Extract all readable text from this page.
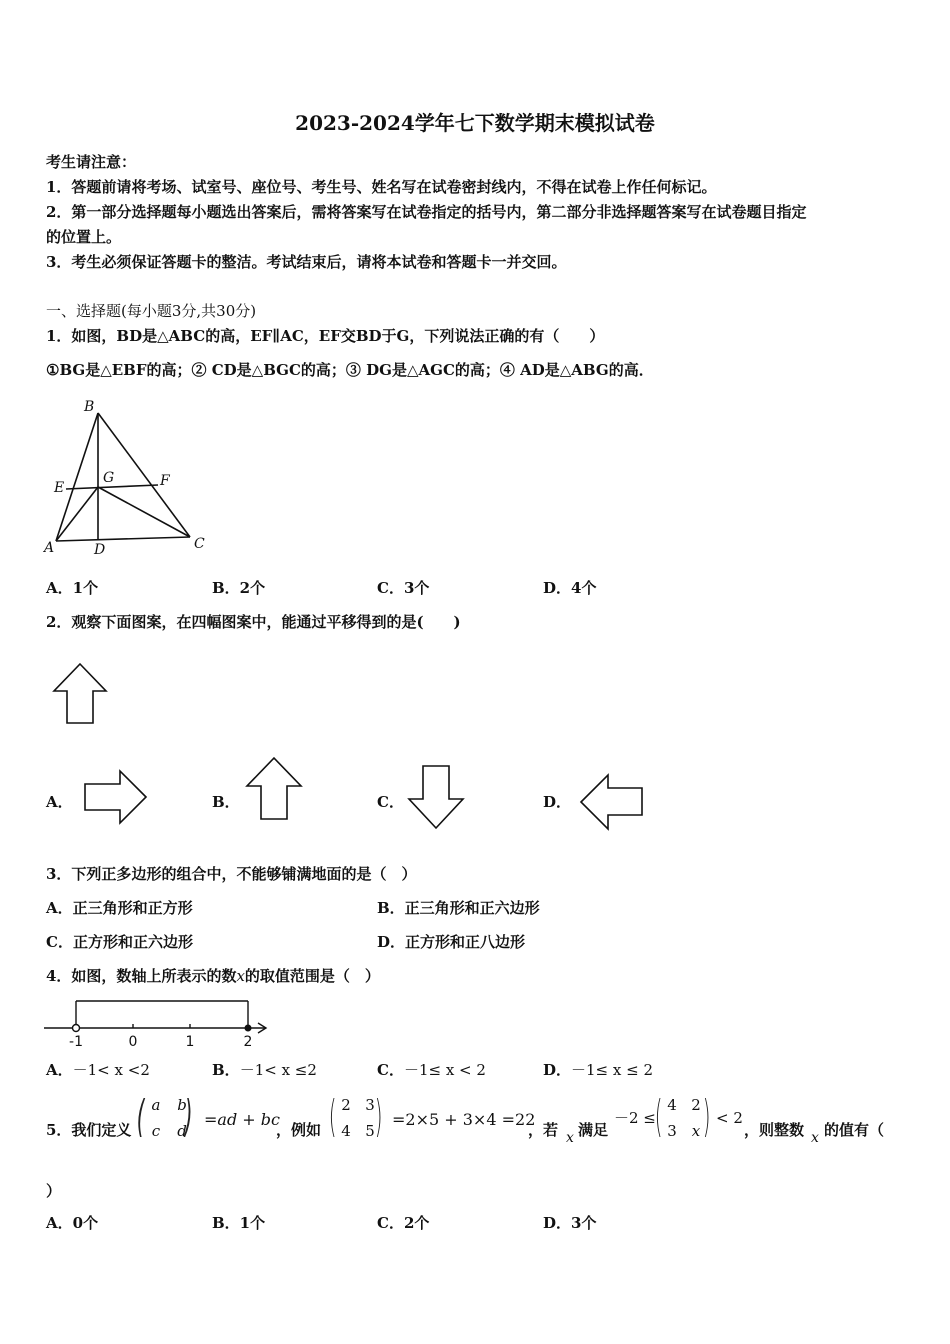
2023-2024学年七下数学期末模拟试卷
考生请注意：
1．答题前请将考场、试室号、座位号、考生号、姓名写在试卷密封线内，不得在试卷上作任何标记。
2．第一部分选择题每小题选出答案后，需将答案写在试卷指定的括号内，第二部分非选择题答案写在试卷题目指定
的位置上。
3．考生必须保证答题卡的整洁。考试结束后，请将本试卷和答题卡一并交回。
一、选择题(每小题3分,共30分)
1．如图，BD是△ABC的高，EF∥AC，EF交BD于G，下列说法正确的有（　　）
①BG是△EBF的高；② CD是△BGC的高；③ DG是△AGC的高；④ AD是△ABG的高．
B
E
G	F
A	D	C
A．1个	B．2个	C．3个	D．4个
2．观察下面图案，在四幅图案中，能通过平移得到的是(　　)
A．	B．	C．	D．
3．下列正多边形的组合中，不能够铺满地面的是（　）
A．正三角形和正方形	B．正三角形和正六边形
C．正方形和正六边形	D．正方形和正八边形
4．如图，数轴上所表示的数x的取值范围是（　）
-1	0	1	2
A．－1< x <2	B．－1< x ≤2	C．－1≤ x < 2	D．－1≤ x ≤ 2
5．我们定义 ( )
a	b
c	d
=ad + bc
，例如 ( )
2 3
4 5
=2×5 + 3×4 =22
，若 x 满足
－2 ≤
( )
4 2
3	x
< 2
，则整数 x 的值有（
）
A．0个	B．1个	C．2个	D．3个
